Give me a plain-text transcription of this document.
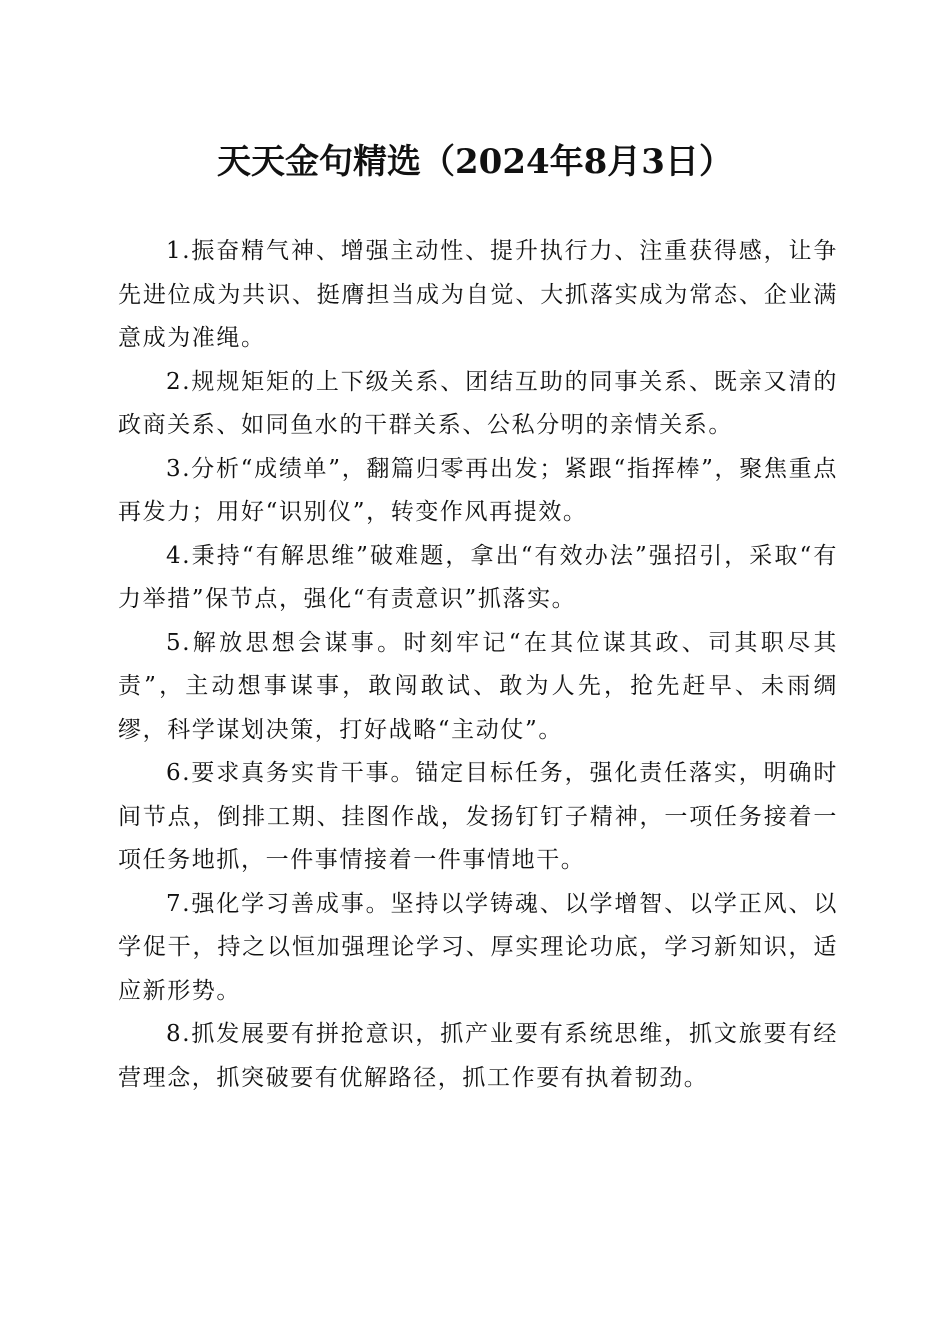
天天金句精选（2024年8月3日）

1.振奋精气神、增强主动性、提升执行力、注重获得感，让争先进位成为共识、挺膺担当成为自觉、大抓落实成为常态、企业满意成为准绳。

2.规规矩矩的上下级关系、团结互助的同事关系、既亲又清的政商关系、如同鱼水的干群关系、公私分明的亲情关系。

3.分析“成绩单”，翻篇归零再出发；紧跟“指挥棒”，聚焦重点再发力；用好“识别仪”，转变作风再提效。

4.秉持“有解思维”破难题，拿出“有效办法”强招引，采取“有力举措”保节点，强化“有责意识”抓落实。

5.解放思想会谋事。时刻牢记“在其位谋其政、司其职尽其责”，主动想事谋事，敢闯敢试、敢为人先，抢先赶早、未雨绸缪，科学谋划决策，打好战略“主动仗”。

6.要求真务实肯干事。锚定目标任务，强化责任落实，明确时间节点，倒排工期、挂图作战，发扬钉钉子精神，一项任务接着一项任务地抓，一件事情接着一件事情地干。

7.强化学习善成事。坚持以学铸魂、以学增智、以学正风、以学促干，持之以恒加强理论学习、厚实理论功底，学习新知识，适应新形势。

8.抓发展要有拼抢意识，抓产业要有系统思维，抓文旅要有经营理念，抓突破要有优解路径，抓工作要有执着韧劲。
